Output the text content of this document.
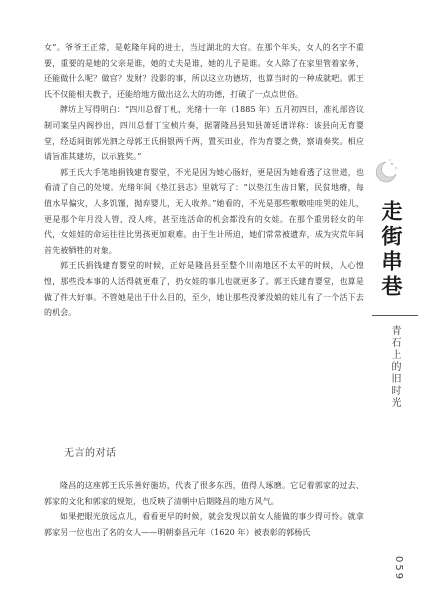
女”。爷爷王正常，是乾隆年间的进士，当过湖北的大官。在那个年头，女人的名字不重要，重要的是她的父亲是谁，她的丈夫是谁，她的儿子是谁。女人除了在家里管着家务，还能做什么呢？做官？发财？没影的事，所以这立功德坊，也算当时的一种成就吧。郭王氏不仅能相夫教子，还能给地方做出这么大的功德，打破了一点点世俗。

牌坊上写得明白：“四川总督丁札，光绪十一年（1885 年）五月初四日，准礼部咨议制司案呈内阁抄出，四川总督丁宝桢片奏，据署隆昌县知县萧廷谱详称：该县向无育婴堂，经适间街郭光泗之母郭王氏捐银两千两，置买田业，作为育婴之费，察请奏奖。相应请旨准其建坊，以示旌奖。”

郭王氏大手笔地捐钱建育婴堂，不光是因为她心肠好，更是因为她看透了这世道，也看清了自己的处境。光绪年间《垫江县志》里就写了：“以垫江生齿日繁，民贫地瘠，每值水旱偏灾，人多饥馑，抛弃婴儿，无人收养。”她看的，不光是那些嗷嗷哇哇哭的娃儿，更是那个年月没人管、没人疼，甚至连活命的机会都没有的女娃。在那个重男轻女的年代，女娃娃的命运往往比男孩更加艰难。由于生计所迫，她们常常被遗弃，成为灾荒年间首先被牺牲的对象。

郭王氏捐钱建育婴堂的时候，正好是隆昌县至整个川南地区不太平的时候，人心惶惶，那些没本事的人活得就更难了，扔女娃的事儿也就更多了。郭王氏建育婴堂，也算是做了件大好事。不管她是出于什么目的，至少，她让那些没爹没娘的娃儿有了一个活下去的机会。

无言的对话

隆昌的这座郭王氏乐善好施坊，代表了很多东西，值得人琢磨。它记着郭家的过去、郭家的文化和郭家的规矩，也反映了清朝中后期隆昌的地方风气。

如果把眼光放远点儿，看看更早的时候，就会发现以前女人能做的事少得可怜。就拿郭家另一位也出了名的女人——明朝泰昌元年（1620 年）被表彰的郭杨氏

走街串巷
青石上的旧时光
059
